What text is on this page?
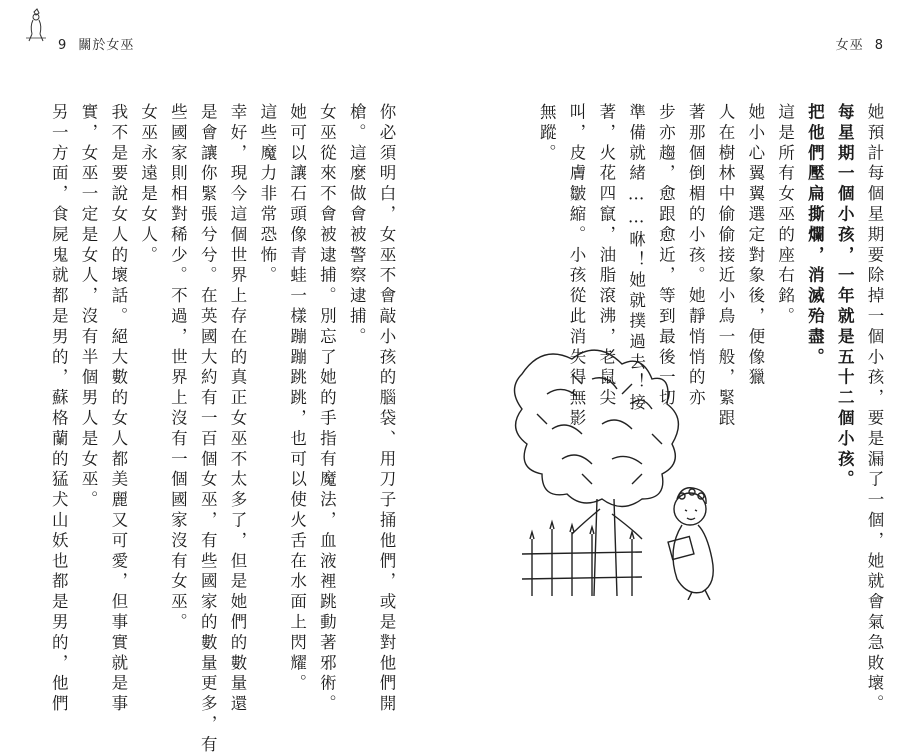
9 關於女巫
你必須明白，女巫不會敲小孩的腦袋、用刀子捅他們，或是對他們開
槍。這麼做會被警察逮捕。
女巫從來不會被逮捕。別忘了她的手指有魔法，血液裡跳動著邪術。
她可以讓石頭像青蛙一樣蹦蹦跳跳，也可以使火舌在水面上閃耀。
這些魔力非常恐怖。
幸好，現今這個世界上存在的真正女巫不太多了，但是她們的數量還
是會讓你緊張兮兮。在英國大約有一百個女巫，有些國家的數量更多，有
些國家則相對稀少。不過，世界上沒有一個國家沒有女巫。
女巫永遠是女人。
我不是要說女人的壞話。絕大數的女人都美麗又可愛，但事實就是事
實，女巫一定是女人，沒有半個男人是女巫。
另一方面，食屍鬼就都是男的，蘇格蘭的猛犬山妖也都是男的，他們
女巫 8
她預計每個星期要除掉一個小孩，要是漏了一個，她就會氣急敗壞。
每星期一個小孩，一年就是五十二個小孩。
把他們壓扁撕爛，消滅殆盡。
這是所有女巫的座右銘。
她小心翼翼選定對象後，便像獵
人在樹林中偷偷接近小鳥一般，緊跟
著那個倒楣的小孩。她靜悄悄的亦
步亦趨，愈跟愈近，等到最後一切
準備就緒……咻！她就撲過去！接
著，火花四竄，油脂滾沸，老鼠尖
叫，皮膚皺縮。小孩從此消失得無影
無蹤。
